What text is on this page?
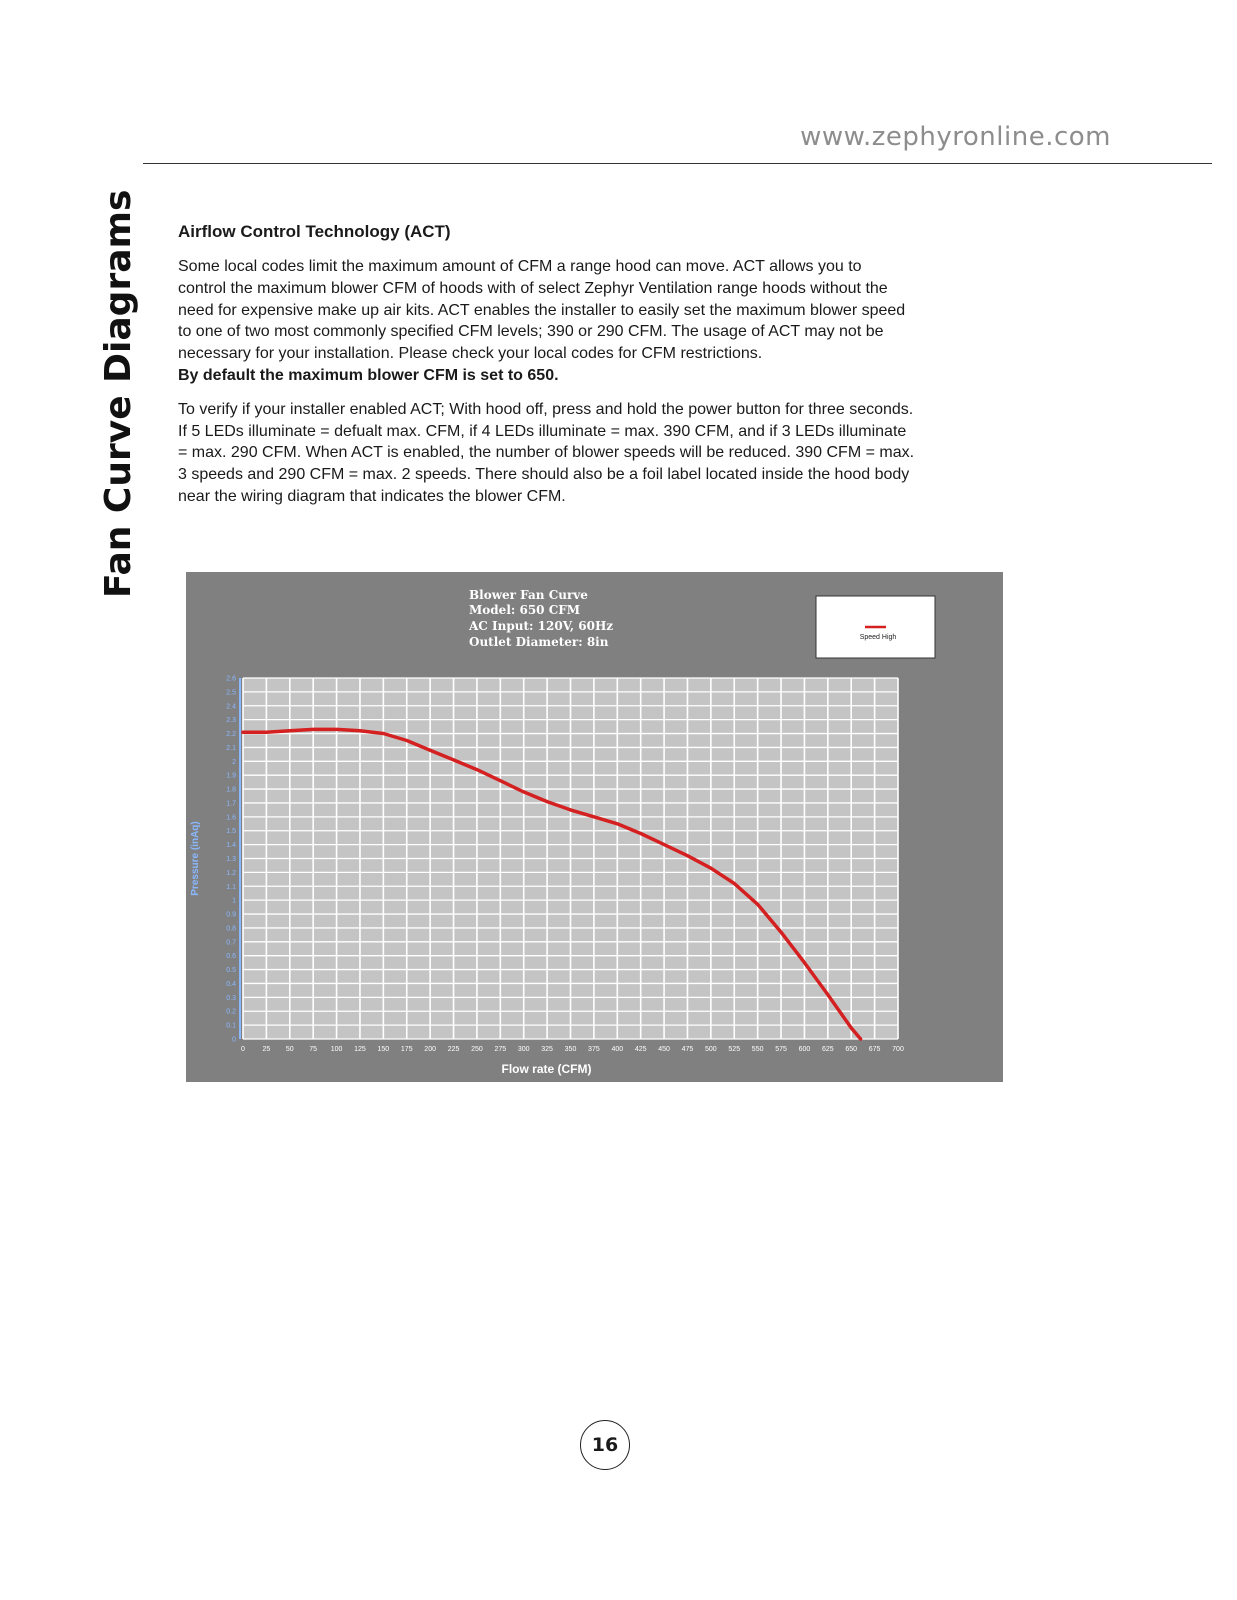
www.zephyronline.com
Fan Curve Diagrams Airflow Control Technology (ACT)

Some local codes limit the maximum amount of CFM a range hood can move. ACT allows you to

control the maximum blower CFM of hoods with of select Zephyr Ventilation range hoods without the

need for expensive make up air kits. ACT enables the installer to easily set the maximum blower speed

to one of two most commonly specified CFM levels; 390 or 290 CFM. The usage of ACT may not be

necessary for your installation. Please check your local codes for CFM restrictions.

By default the maximum blower CFM is set to 650.

To verify if your installer enabled ACT; With hood off, press and hold the power button for three seconds.

If 5 LEDs illuminate = defualt max. CFM, if 4 LEDs illuminate = max. 390 CFM, and if 3 LEDs illuminate

= max. 290 CFM. When ACT is enabled, the number of blower speeds will be reduced. 390 CFM = max.

3 speeds and 290 CFM = max. 2 speeds. There should also be a foil label located inside the hood body

near the wiring diagram that indicates the blower CFM.

Blower Fan Curve
Model: 650 CFM
AC Input: 120V, 60Hz
Outlet Diameter: 8in	Speed High
0
0.1
0.2
0.3
0.4
0.5
0.6
0.7
0.8
0.9
1
1.1
1.2
1.3
1.4
1.5
1.6
1.7
1.8
1.9
2
2.1
2.2
2.3
2.4
2.5
2.6
0	25 50 75 100 125 150 175 200 225 250 275 300 325 350 375 400 425 450 475 500 525 550 575 600 625 650 675 700
Pressure (inAq)
Flow rate (CFM)
16
